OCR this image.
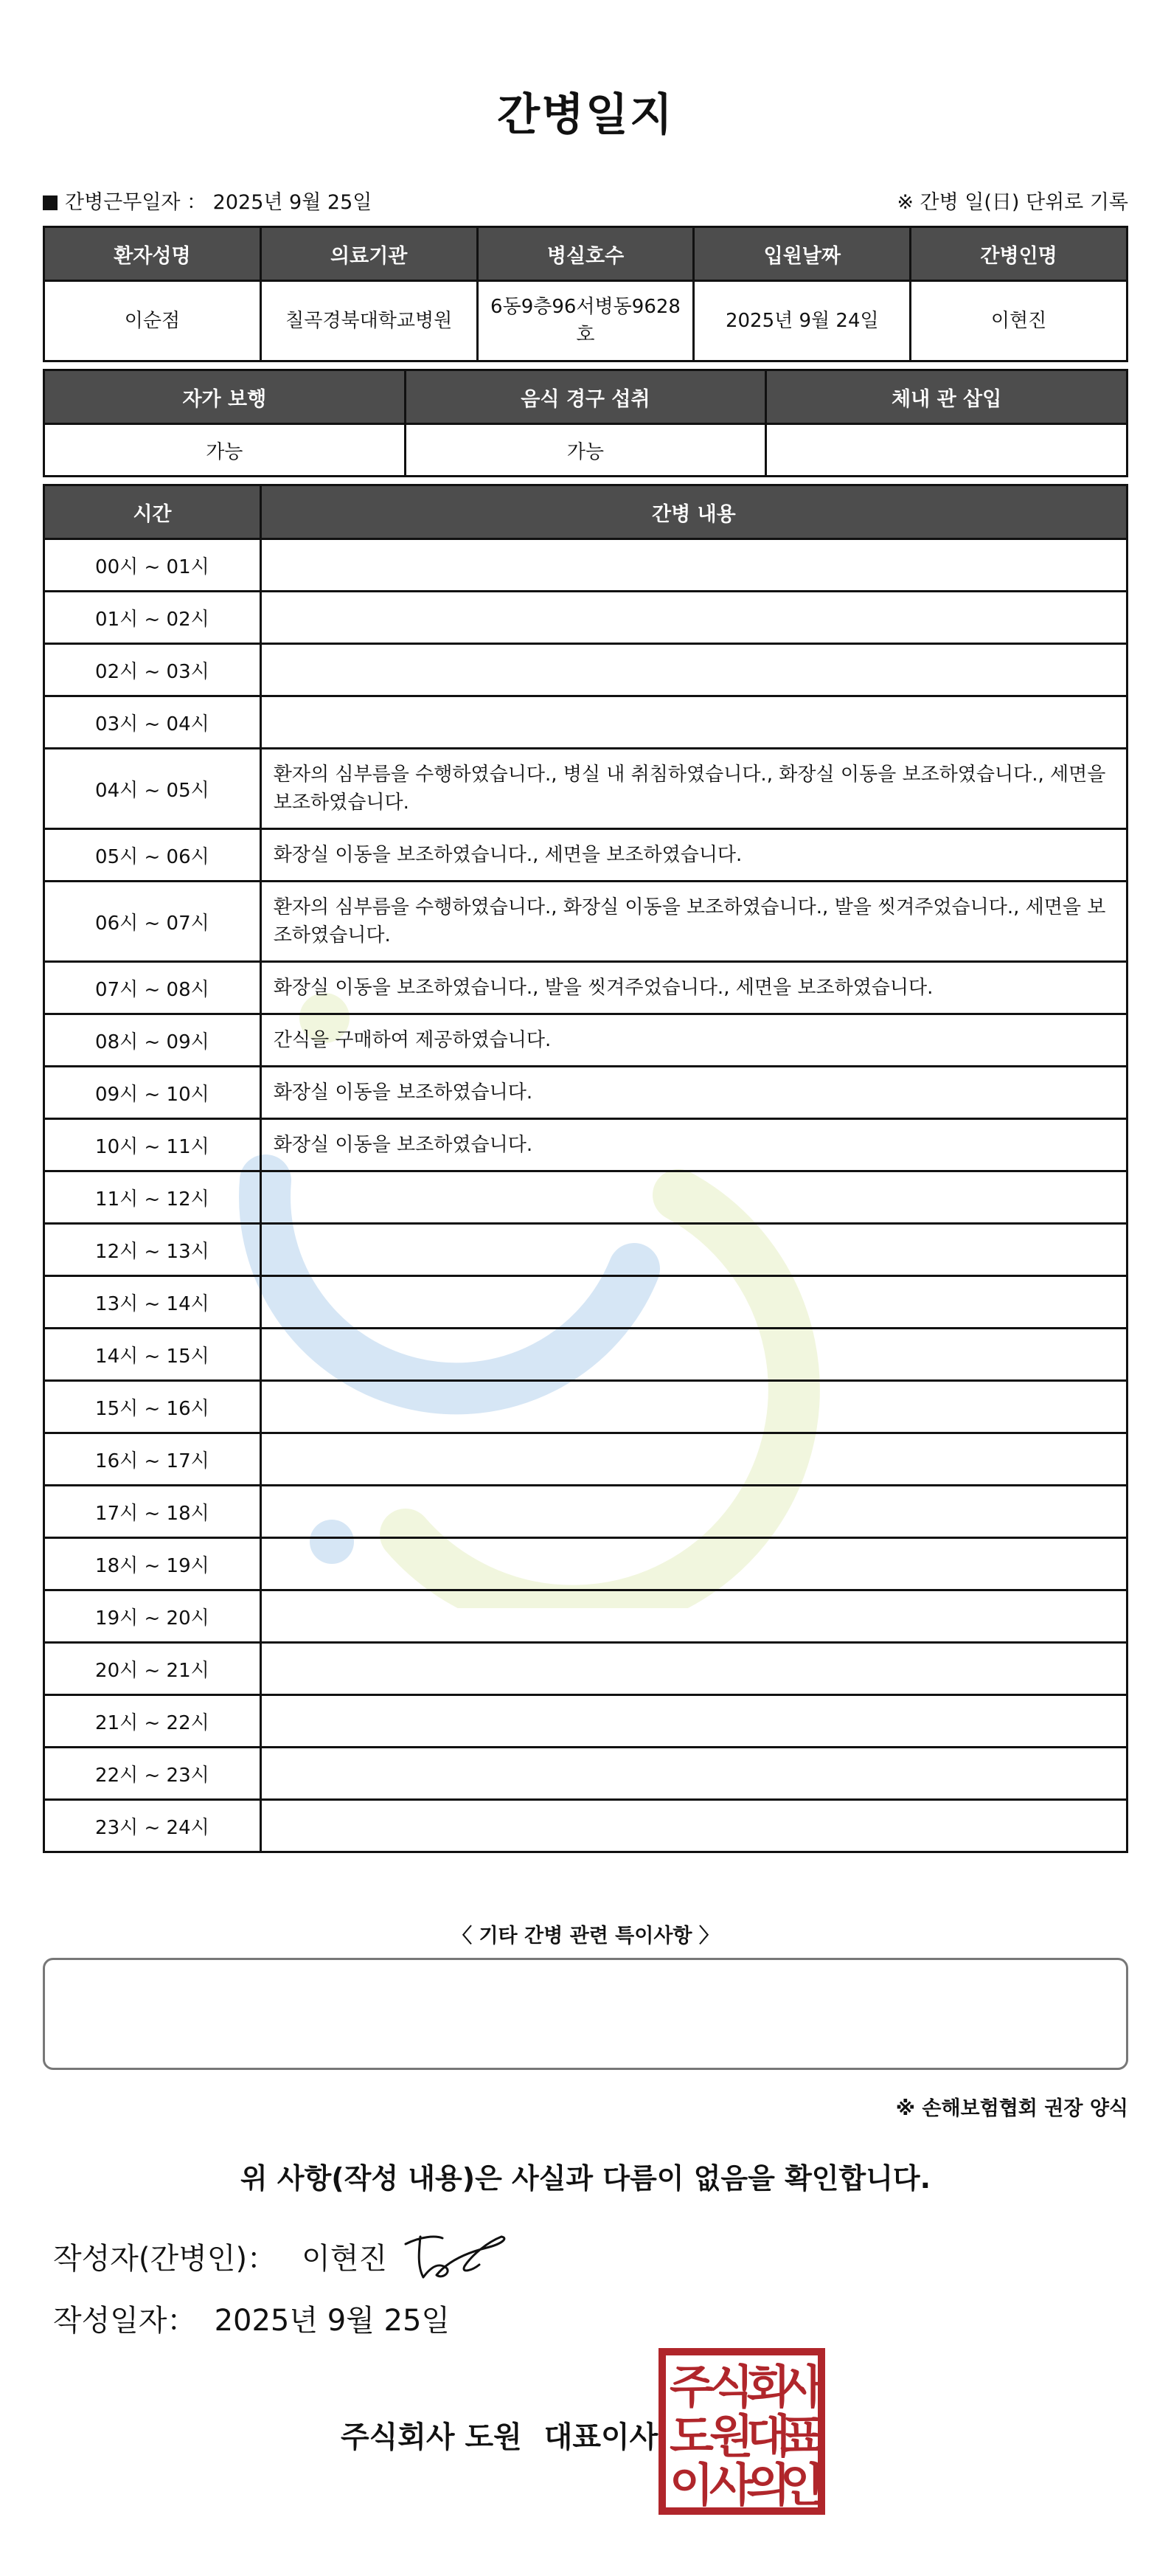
간병일지
간병근무일자 ： 2025년 9월 25일	※ 간병 일(日) 단위로 기록
환자성명	의료기관	병실호수	입원날짜	간병인명
이순점	칠곡경북대학교병원	6동9층96서병동9628호	2025년 9월 24일	이현진
자가 보행	음식 경구 섭취	체내 관 삽입
가능	가능	
시간	간병 내용
00시 ~ 01시	
01시 ~ 02시	
02시 ~ 03시	
03시 ~ 04시	
04시 ~ 05시	환자의 심부름을 수행하였습니다., 병실 내 취침하였습니다., 화장실 이동을 보조하였습니다., 세면을 보조하였습니다.
05시 ~ 06시	화장실 이동을 보조하였습니다., 세면을 보조하였습니다.
06시 ~ 07시	환자의 심부름을 수행하였습니다., 화장실 이동을 보조하였습니다., 발을 씻겨주었습니다., 세면을 보조하였습니다.
07시 ~ 08시	화장실 이동을 보조하였습니다., 발을 씻겨주었습니다., 세면을 보조하였습니다.
08시 ~ 09시	간식을 구매하여 제공하였습니다.
09시 ~ 10시	화장실 이동을 보조하였습니다.
10시 ~ 11시	화장실 이동을 보조하였습니다.
11시 ~ 12시	
12시 ~ 13시	
13시 ~ 14시	
14시 ~ 15시	
15시 ~ 16시	
16시 ~ 17시	
17시 ~ 18시	
18시 ~ 19시	
19시 ~ 20시	
20시 ~ 21시	
21시 ~ 22시	
22시 ~ 23시	
23시 ~ 24시	
〈 기타 간병 관련 특이사항 〉
※ 손해보험협회 권장 양식
위 사항(작성 내용)은 사실과 다름이 없음을 확인합니다.
작성자(간병인)： 이현진
작성일자： 2025년 9월 25일
주식회사 도원 대표이사
주
식
회
사
도
원
대
표
이
사
의
인
